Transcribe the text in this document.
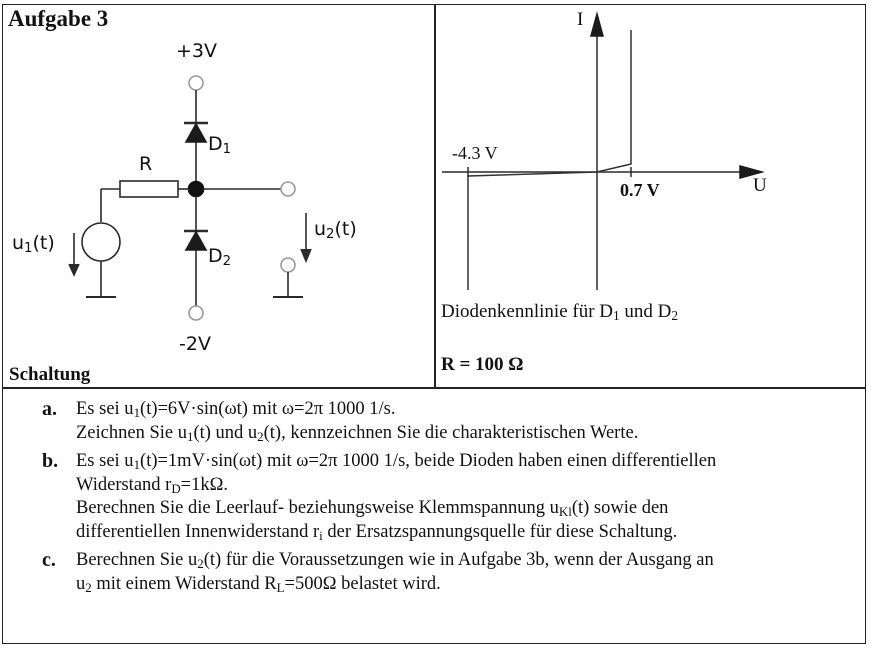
Aufgabe 3
Schaltung
+3V
-2V
R
$D_1$
$D_2$
$u_1(t)$
$u_2(t)$
I
U
-4.3 V
0.7 V
Diodenkennlinie für $D_1$ und $D_2$
R = 100 Ω
a. Es sei $u_1(t)=6V\cdot\sin(\omega t)$ mit ω=2π 1000 1/s.
Zeichnen Sie $u_1(t)$ und $u_2(t)$, kennzeichnen Sie die charakteristischen Werte.
b. Es sei $u_1(t)=1mV\cdot\sin(\omega t)$ mit ω=2π 1000 1/s, beide Dioden haben einen differentiellen
Widerstand $r_D=1k\Omega$.
Berechnen Sie die Leerlauf- beziehungsweise Klemmspannung $u_{Kl}(t)$ sowie den
differentiellen Innenwiderstand $r_i$ der Ersatzspannungsquelle für diese Schaltung.
c. Berechnen Sie $u_2(t)$ für die Voraussetzungen wie in Aufgabe 3b, wenn der Ausgang an
$u_2$ mit einem Widerstand $R_L=500\Omega$ belastet wird.
